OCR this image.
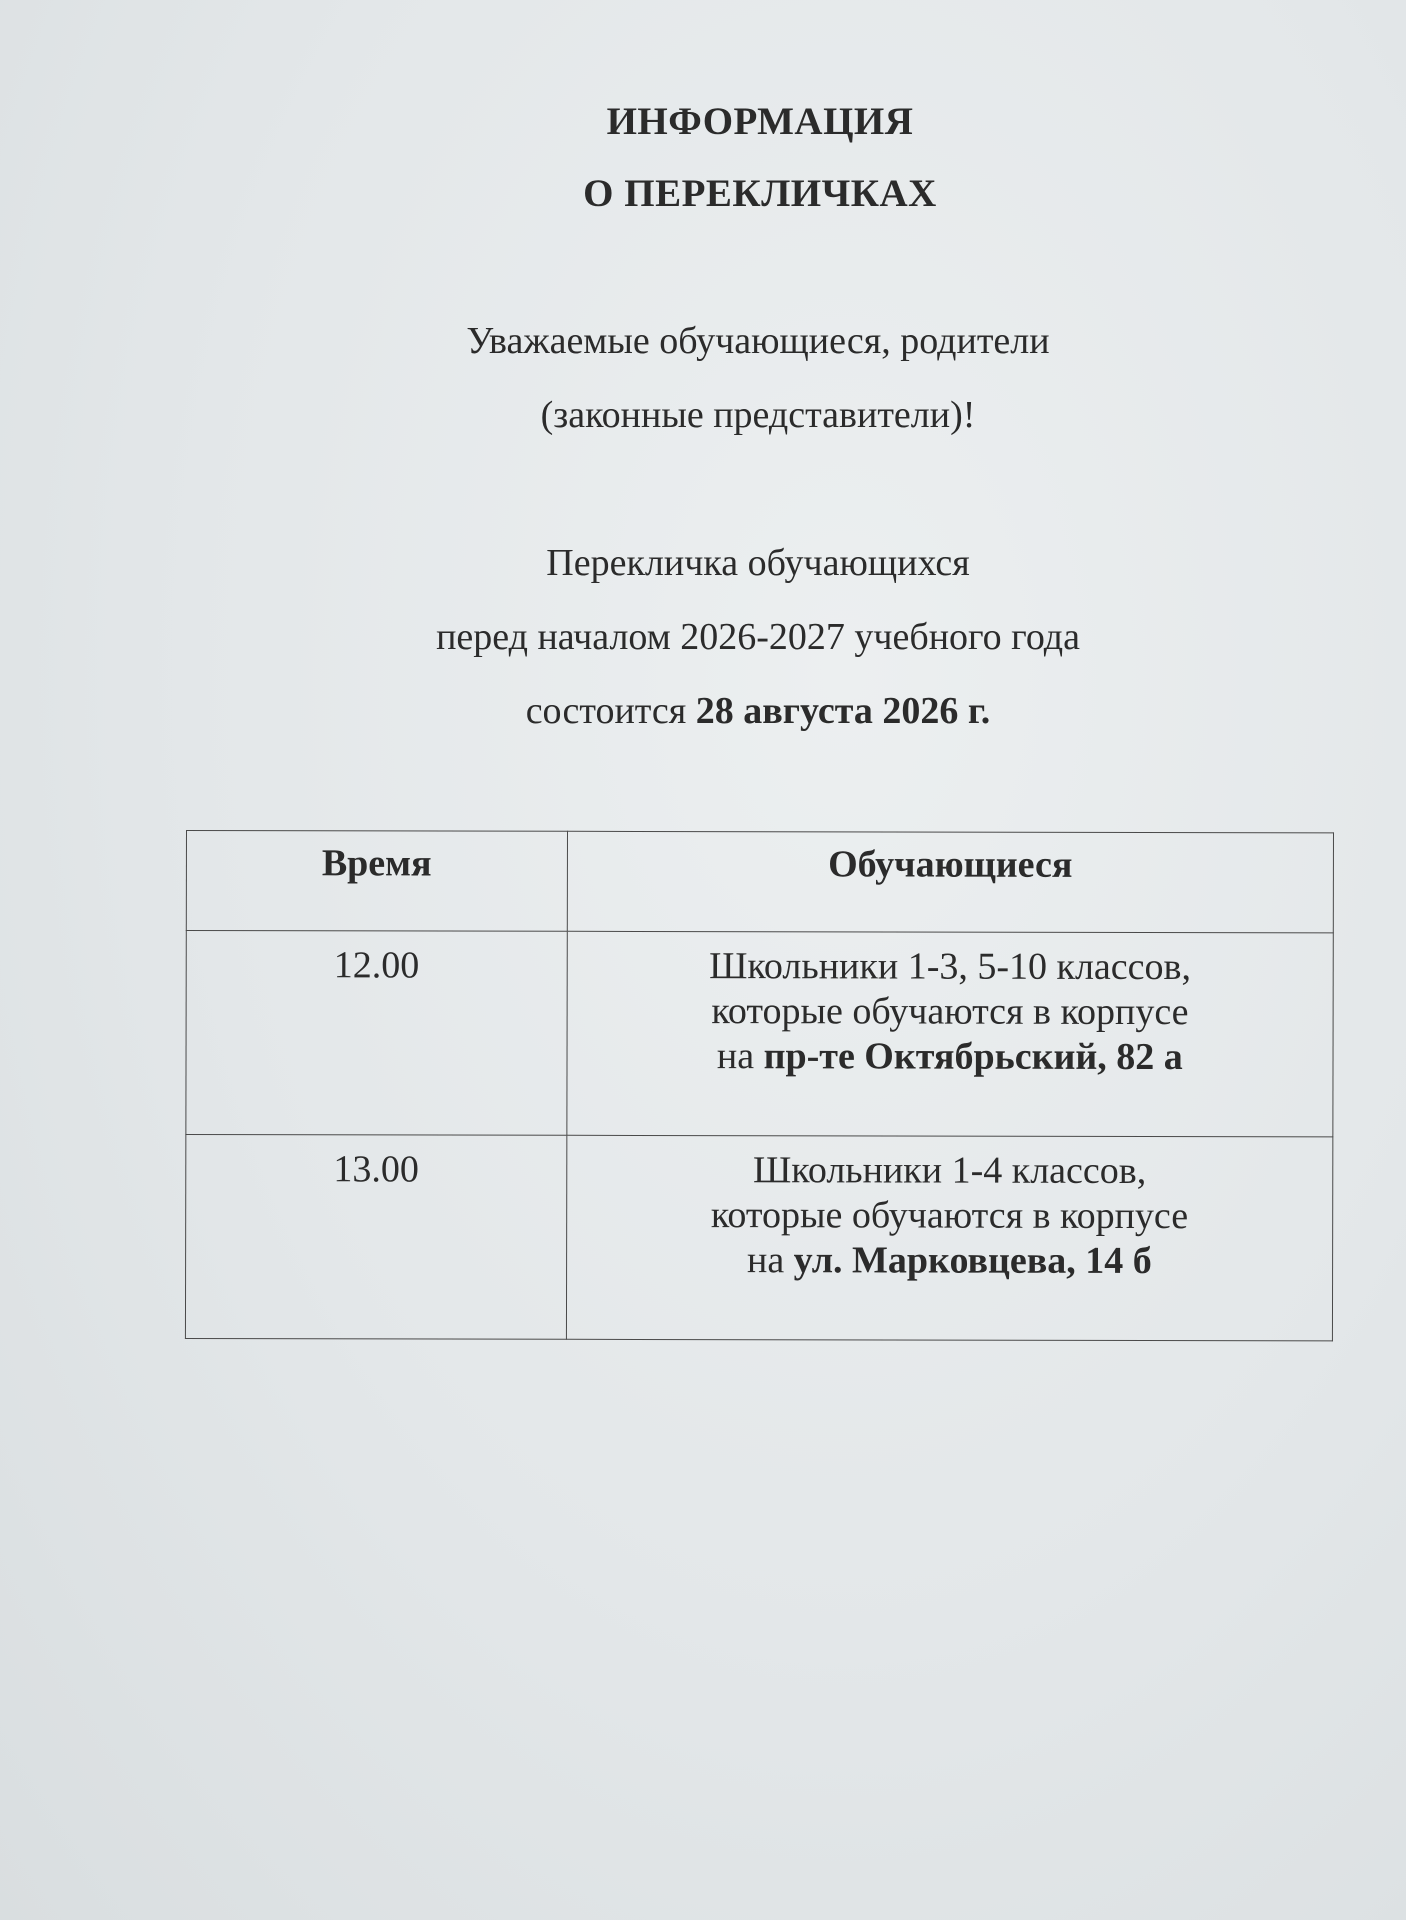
ИНФОРМАЦИЯ
О ПЕРЕКЛИЧКАХ
Уважаемые обучающиеся, родители
(законные представители)!
Перекличка обучающихся
перед началом 2026-2027 учебного года
состоится 28 августа 2026 г.
Время	Обучающиеся
12.00	Школьники 1-3, 5-10 классов,
которые обучаются в корпусе
на пр-те Октябрьский, 82 а

13.00	Школьники 1-4 классов,
которые обучаются в корпусе
на ул. Марковцева, 14 б
